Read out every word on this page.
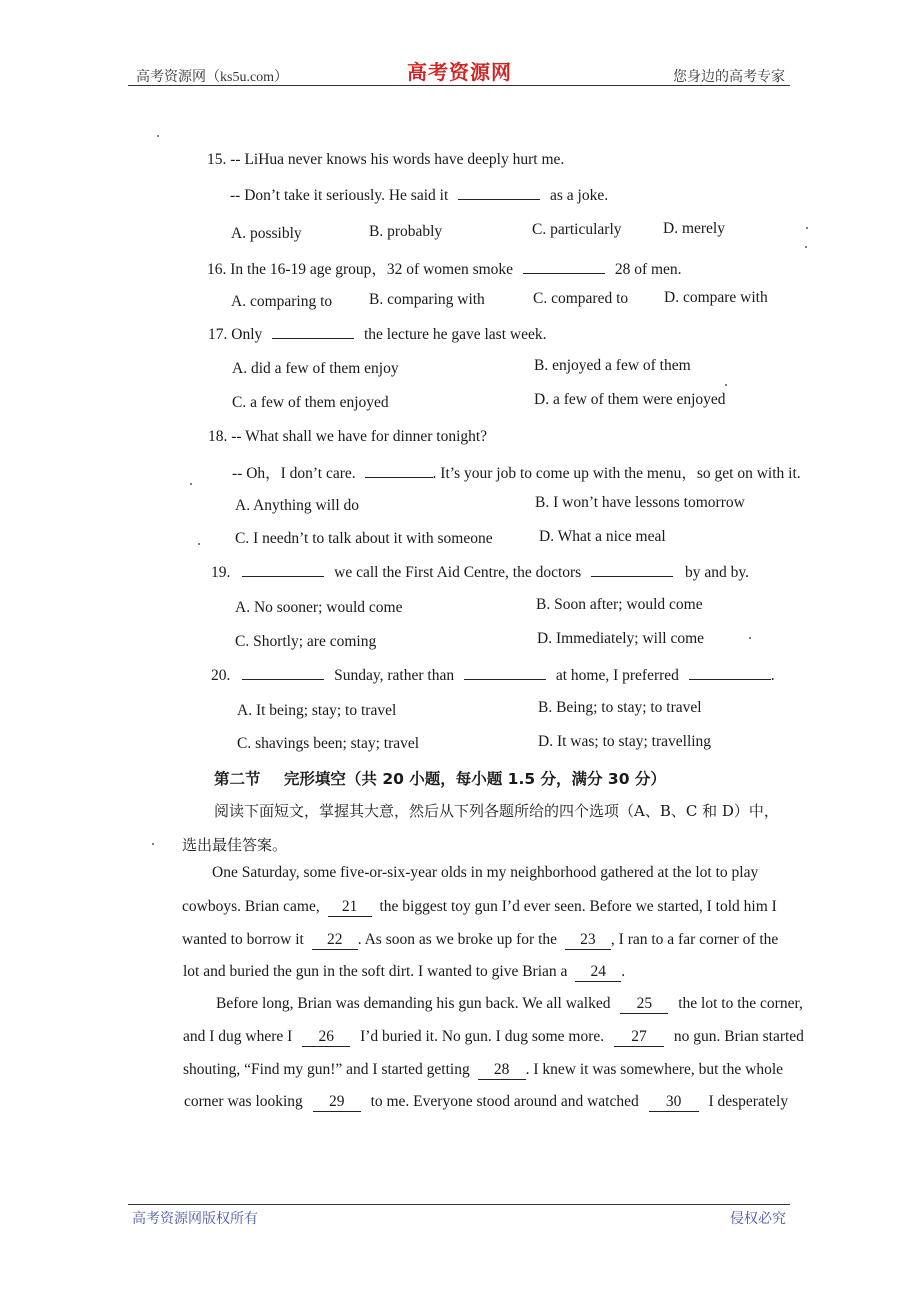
高考资源网（ks5u.com）	高考资源网	您身边的高考专家
15. -- LiHua never knows his words have deeply hurt me.
-- Don’t take it seriously. He said it	as a joke.
A. possibly	B. probably	C. particularly	D. merely
16. In the 16-19 age group，32 of women smoke	28 of men.
A. comparing to B. comparing with	C. compared to D. compare with
17. Only	the lecture he gave last week.
A. did a few of them enjoy	B. enjoyed a few of them
C. a few of them enjoyed	D. a few of them were enjoyed
18. -- What shall we have for dinner tonight?
-- Oh，I don’t care.	. It’s your job to come up with the menu，so get on with it.
A. Anything will do	B. I won’t have lessons tomorrow
C. I needn’t to talk about it with someone	D. What a nice meal
19.	we call the First Aid Centre, the doctors	by and by.
A. No sooner; would come	B. Soon after; would come
C. Shortly; are coming	D. Immediately; will come
20.	Sunday, rather than	at home, I preferred	.
A. It being; stay; to travel	B. Being; to stay; to travel
C. shavings been; stay; travel	D. It was; to stay; travelling
第二节 完形填空（共 20 小题，每小题 1.5 分，满分 30 分）
阅读下面短文，掌握其大意，然后从下列各题所给的四个选项（A、B、C 和 D）中，
选出最佳答案。
One Saturday, some five-or-six-year olds in my neighborhood gathered at the lot to play
cowboys. Brian came, 21 the biggest toy gun I’d ever seen. Before we started, I told him I
wanted to borrow it 22 . As soon as we broke up for the 23 , I ran to a far corner of the
lot and buried the gun in the soft dirt. I wanted to give Brian a 24 .
Before long, Brian was demanding his gun back. We all walked 25 the lot to the corner,
and I dug where I 26 I’d buried it. No gun. I dug some more. 27 no gun. Brian started
shouting, “Find my gun!” and I started getting 28 . I knew it was somewhere, but the whole
corner was looking 29 to me. Everyone stood around and watched 30 I desperately
高考资源网版权所有	侵权必究
